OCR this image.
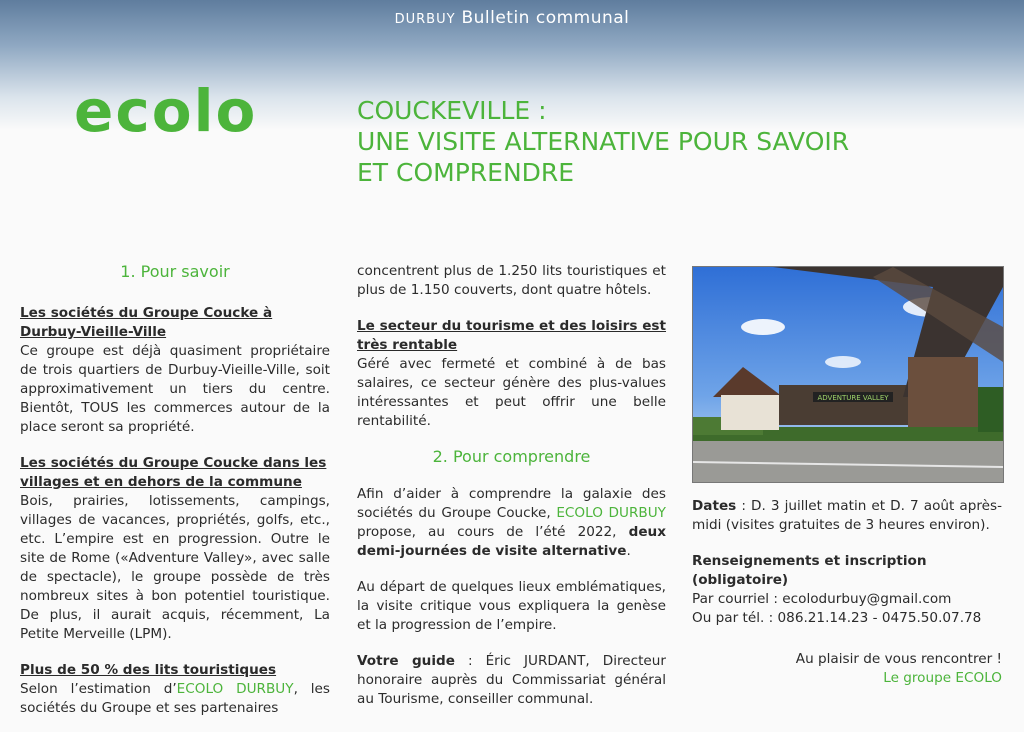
DURBUY Bulletin communal
ecolo	COUCKEVILLE :
UNE VISITE ALTERNATIVE POUR SAVOIR
ET COMPRENDRE
1. Pour savoir
Les sociétés du Groupe Coucke à Durbuy-Vieille-Ville

Ce groupe est déjà quasiment propriétaire de trois quartiers de Durbuy-Vieille-Ville, soit approximativement un tiers du centre. Bientôt, TOUS les commerces autour de la place seront sa propriété.

Les sociétés du Groupe Coucke dans les villages et en dehors de la commune

Bois, prairies, lotissements, campings, villages de vacances, propriétés, golfs, etc., etc. L’empire est en progression. Outre le site de Rome («Adventure Valley», avec salle de spectacle), le groupe possède de très nombreux sites à bon potentiel touristique. De plus, il aurait acquis, récemment, La Petite Merveille (LPM).

Plus de 50 % des lits touristiques

Selon l’estimation d’ECOLO DURBUY, les sociétés du Groupe et ses partenaires

concentrent plus de 1.250 lits touristiques et plus de 1.150 couverts, dont quatre hôtels.

Le secteur du tourisme et des loisirs est très rentable

Géré avec fermeté et combiné à de bas salaires, ce secteur génère des plus-values intéressantes et peut offrir une belle rentabilité.

2. Pour comprendre

Afin d’aider à comprendre la galaxie des sociétés du Groupe Coucke, ECOLO DURBUY propose, au cours de l’été 2022, deux demi-journées de visite alternative.

Au départ de quelques lieux emblématiques, la visite critique vous expliquera la genèse et la progression de l’empire.

Votre guide : Éric JURDANT, Directeur honoraire auprès du Commissariat général au Tourisme, conseiller communal.

ADVENTURE VALLEY

Dates : D. 3 juillet matin et D. 7 août après-midi (visites gratuites de 3 heures environ).

Renseignements et inscription (obligatoire)
Par courriel : ecolodurbuy@gmail.com
Ou par tél. : 086.21.14.23 - 0475.50.07.78
Au plaisir de vous rencontrer !
Le groupe ECOLO
